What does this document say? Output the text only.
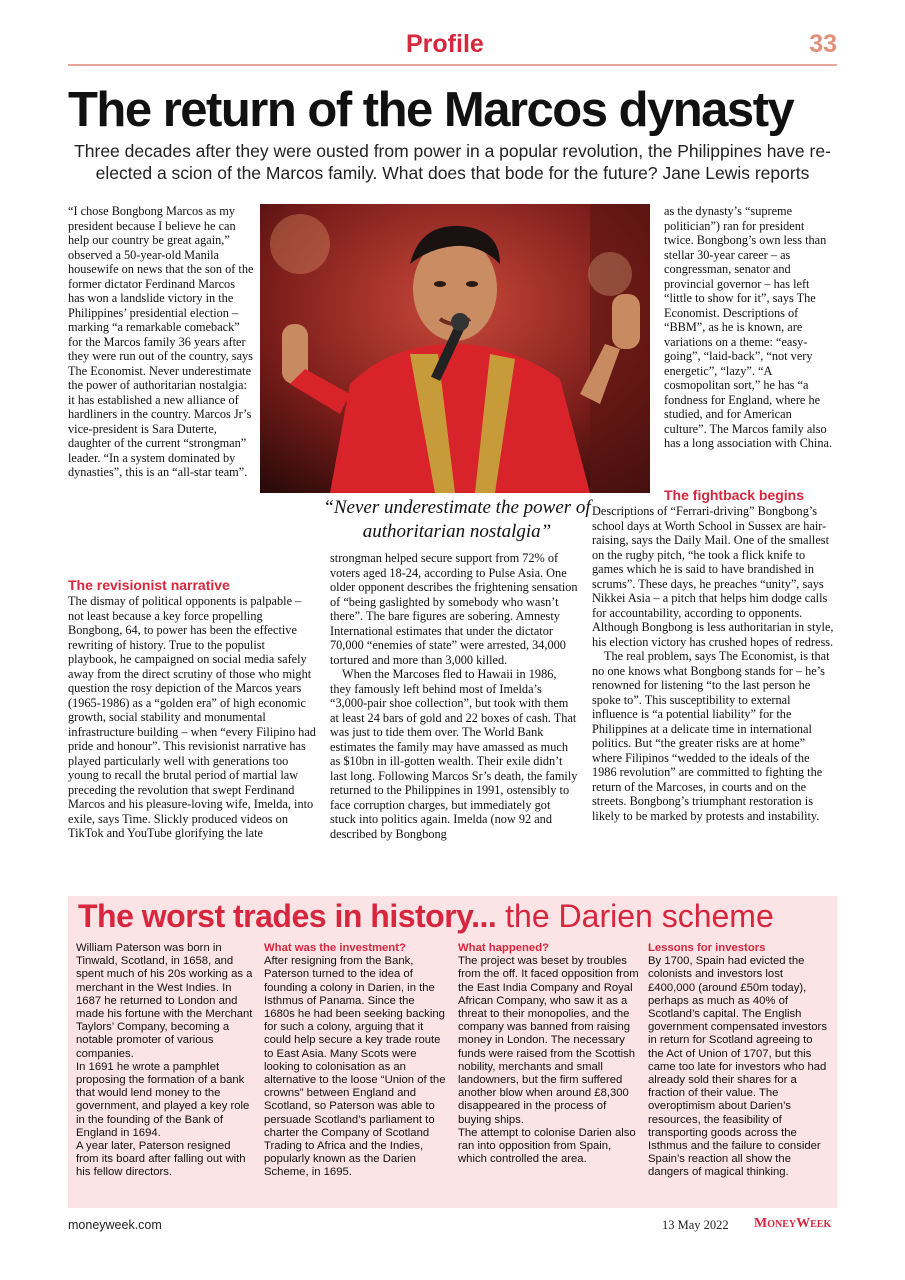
Profile	33
The return of the Marcos dynasty
Three decades after they were ousted from power in a popular revolution, the Philippines have re-elected a scion of the Marcos family. What does that bode for the future? Jane Lewis reports

“I chose Bongbong Marcos as my president because I believe he can help our country be great again,” observed a 50-year-old Manila housewife on news that the son of the former dictator Ferdinand Marcos has won a landslide victory in the Philippines’ presidential election – marking “a remarkable comeback” for the Marcos family 36 years after they were run out of the country, says The Economist. Never underestimate the power of authoritarian nostalgia: it has established a new alliance of hardliners in the country. Marcos Jr’s vice-president is Sara Duterte, daughter of the current “strongman” leader. “In a system dominated by dynasties”, this is an “all-star team”.

The revisionist narrative

The dismay of political opponents is palpable – not least because a key force propelling Bongbong, 64, to power has been the effective rewriting of history. True to the populist playbook, he campaigned on social media safely away from the direct scrutiny of those who might question the rosy depiction of the Marcos years (1965-1986) as a “golden era” of high economic growth, social stability and monumental infrastructure building – when “every Filipino had pride and honour”. This revisionist narrative has played particularly well with generations too young to recall the brutal period of martial law preceding the revolution that swept Ferdinand Marcos and his pleasure-loving wife, Imelda, into exile, says Time. Slickly produced videos on TikTok and YouTube glorifying the late

“Never underestimate the power of authoritarian nostalgia”

strongman helped secure support from 72% of voters aged 18-24, according to Pulse Asia. One older opponent describes the frightening sensation of “being gaslighted by somebody who wasn’t there”. The bare figures are sobering. Amnesty International estimates that under the dictator 70,000 “enemies of state” were arrested, 34,000 tortured and more than 3,000 killed.

When the Marcoses fled to Hawaii in 1986, they famously left behind most of Imelda’s “3,000-pair shoe collection”, but took with them at least 24 bars of gold and 22 boxes of cash. That was just to tide them over. The World Bank estimates the family may have amassed as much as $10bn in ill-gotten wealth. Their exile didn’t last long. Following Marcos Sr’s death, the family returned to the Philippines in 1991, ostensibly to face corruption charges, but immediately got stuck into politics again. Imelda (now 92 and described by Bongbong

as the dynasty’s “supreme politician”) ran for president twice. Bongbong’s own less than stellar 30-year career – as congressman, senator and provincial governor – has left “little to show for it”, says The Economist. Descriptions of “BBM”, as he is known, are variations on a theme: “easy-going”, “laid-back”, “not very energetic”, “lazy”. “A cosmopolitan sort,” he has “a fondness for England, where he studied, and for American culture”. The Marcos family also has a long association with China.

The fightback begins

Descriptions of “Ferrari-driving” Bongbong’s school days at Worth School in Sussex are hair-raising, says the Daily Mail. One of the smallest on the rugby pitch, “he took a flick knife to games which he is said to have brandished in scrums”. These days, he preaches “unity”, says Nikkei Asia – a pitch that helps him dodge calls for accountability, according to opponents. Although Bongbong is less authoritarian in style, his election victory has crushed hopes of redress.

The real problem, says The Economist, is that no one knows what Bongbong stands for – he’s renowned for listening “to the last person he spoke to”. This susceptibility to external influence is “a potential liability” for the Philippines at a delicate time in international politics. But “the greater risks are at home” where Filipinos “wedded to the ideals of the 1986 revolution” are committed to fighting the return of the Marcoses, in courts and on the streets. Bongbong’s triumphant restoration is likely to be marked by protests and instability.

The worst trades in history... the Darien scheme

William Paterson was born in Tinwald, Scotland, in 1658, and spent much of his 20s working as a merchant in the West Indies. In 1687 he returned to London and made his fortune with the Merchant Taylors’ Company, becoming a notable promoter of various companies.

In 1691 he wrote a pamphlet proposing the formation of a bank that would lend money to the government, and played a key role in the founding of the Bank of England in 1694.

A year later, Paterson resigned from its board after falling out with his fellow directors.

What was the investment?

After resigning from the Bank, Paterson turned to the idea of founding a colony in Darien, in the Isthmus of Panama. Since the 1680s he had been seeking backing for such a colony, arguing that it could help secure a key trade route to East Asia. Many Scots were looking to colonisation as an alternative to the loose “Union of the crowns” between England and Scotland, so Paterson was able to persuade Scotland’s parliament to charter the Company of Scotland Trading to Africa and the Indies, popularly known as the Darien Scheme, in 1695.

What happened?

The project was beset by troubles from the off. It faced opposition from the East India Company and Royal African Company, who saw it as a threat to their monopolies, and the company was banned from raising money in London. The necessary funds were raised from the Scottish nobility, merchants and small landowners, but the firm suffered another blow when around £8,300 disappeared in the process of buying ships.

The attempt to colonise Darien also ran into opposition from Spain, which controlled the area.

Lessons for investors

By 1700, Spain had evicted the colonists and investors lost £400,000 (around £50m today), perhaps as much as 40% of Scotland’s capital. The English government compensated investors in return for Scotland agreeing to the Act of Union of 1707, but this came too late for investors who had already sold their shares for a fraction of their value. The overoptimism about Darien’s resources, the feasibility of transporting goods across the Isthmus and the failure to consider Spain’s reaction all show the dangers of magical thinking.

moneyweek.com	13 May 2022 MoneyWeek
